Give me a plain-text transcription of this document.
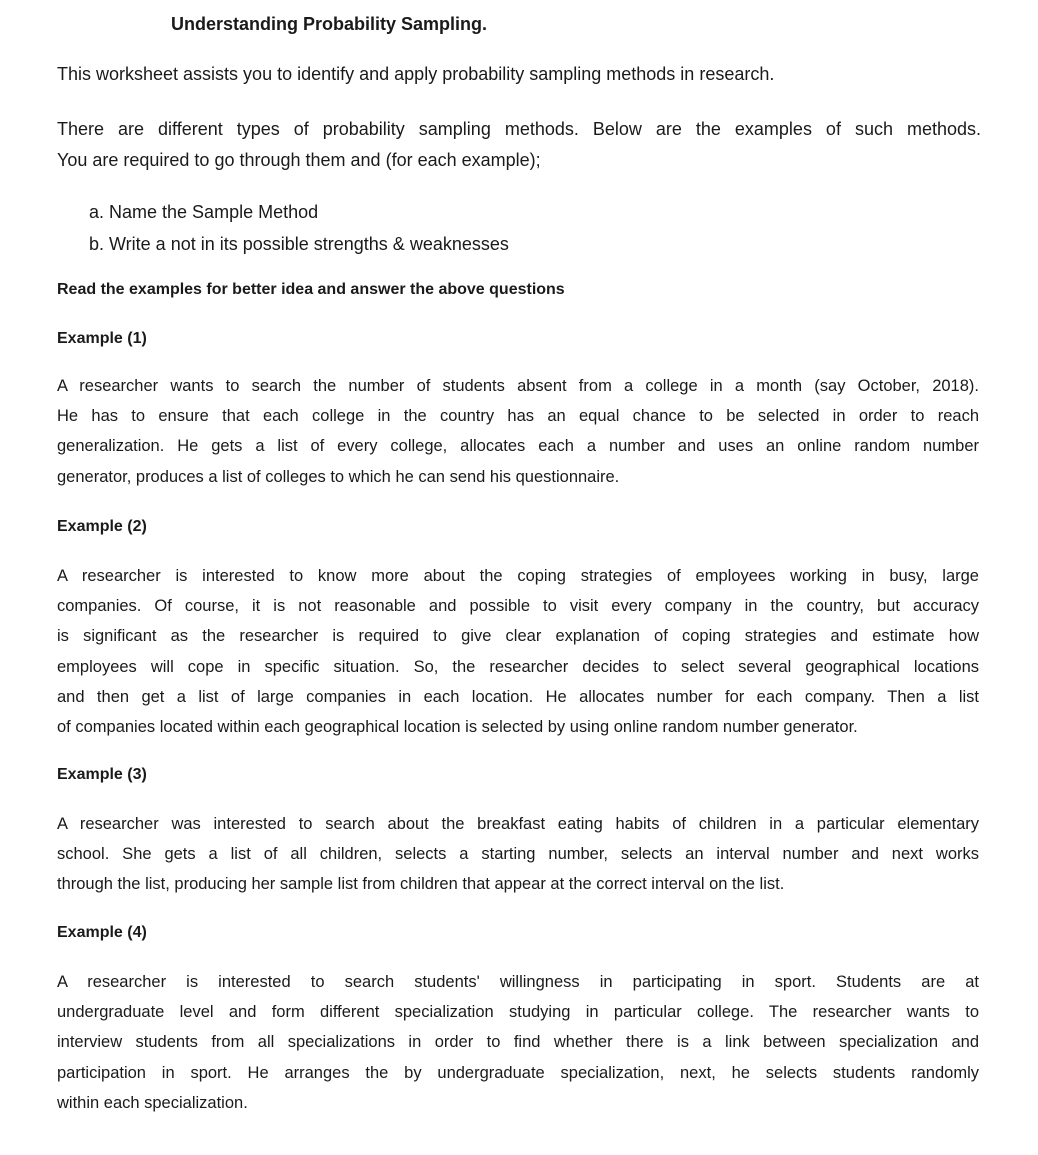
Understanding Probability Sampling.

This worksheet assists you to identify and apply probability sampling methods in research.

There are different types of probability sampling methods. Below are the examples of such methods.
You are required to go through them and (for each example);

a. Name the Sample Method
b. Write a not in its possible strengths & weaknesses

Read the examples for better idea and answer the above questions

Example (1)

A researcher wants to search the number of students absent from a college in a month (say October, 2018).
He has to ensure that each college in the country has an equal chance to be selected in order to reach
generalization. He gets a list of every college, allocates each a number and uses an online random number
generator, produces a list of colleges to which he can send his questionnaire.

Example (2)

A researcher is interested to know more about the coping strategies of employees working in busy, large
companies. Of course, it is not reasonable and possible to visit every company in the country, but accuracy
is significant as the researcher is required to give clear explanation of coping strategies and estimate how
employees will cope in specific situation. So, the researcher decides to select several geographical locations
and then get a list of large companies in each location. He allocates number for each company. Then a list
of companies located within each geographical location is selected by using online random number generator.

Example (3)

A researcher was interested to search about the breakfast eating habits of children in a particular elementary
school. She gets a list of all children, selects a starting number, selects an interval number and next works
through the list, producing her sample list from children that appear at the correct interval on the list.

Example (4)

A researcher is interested to search students' willingness in participating in sport. Students are at
undergraduate level and form different specialization studying in particular college. The researcher wants to
interview students from all specializations in order to find whether there is a link between specialization and
participation in sport. He arranges the by undergraduate specialization, next, he selects students randomly
within each specialization.
